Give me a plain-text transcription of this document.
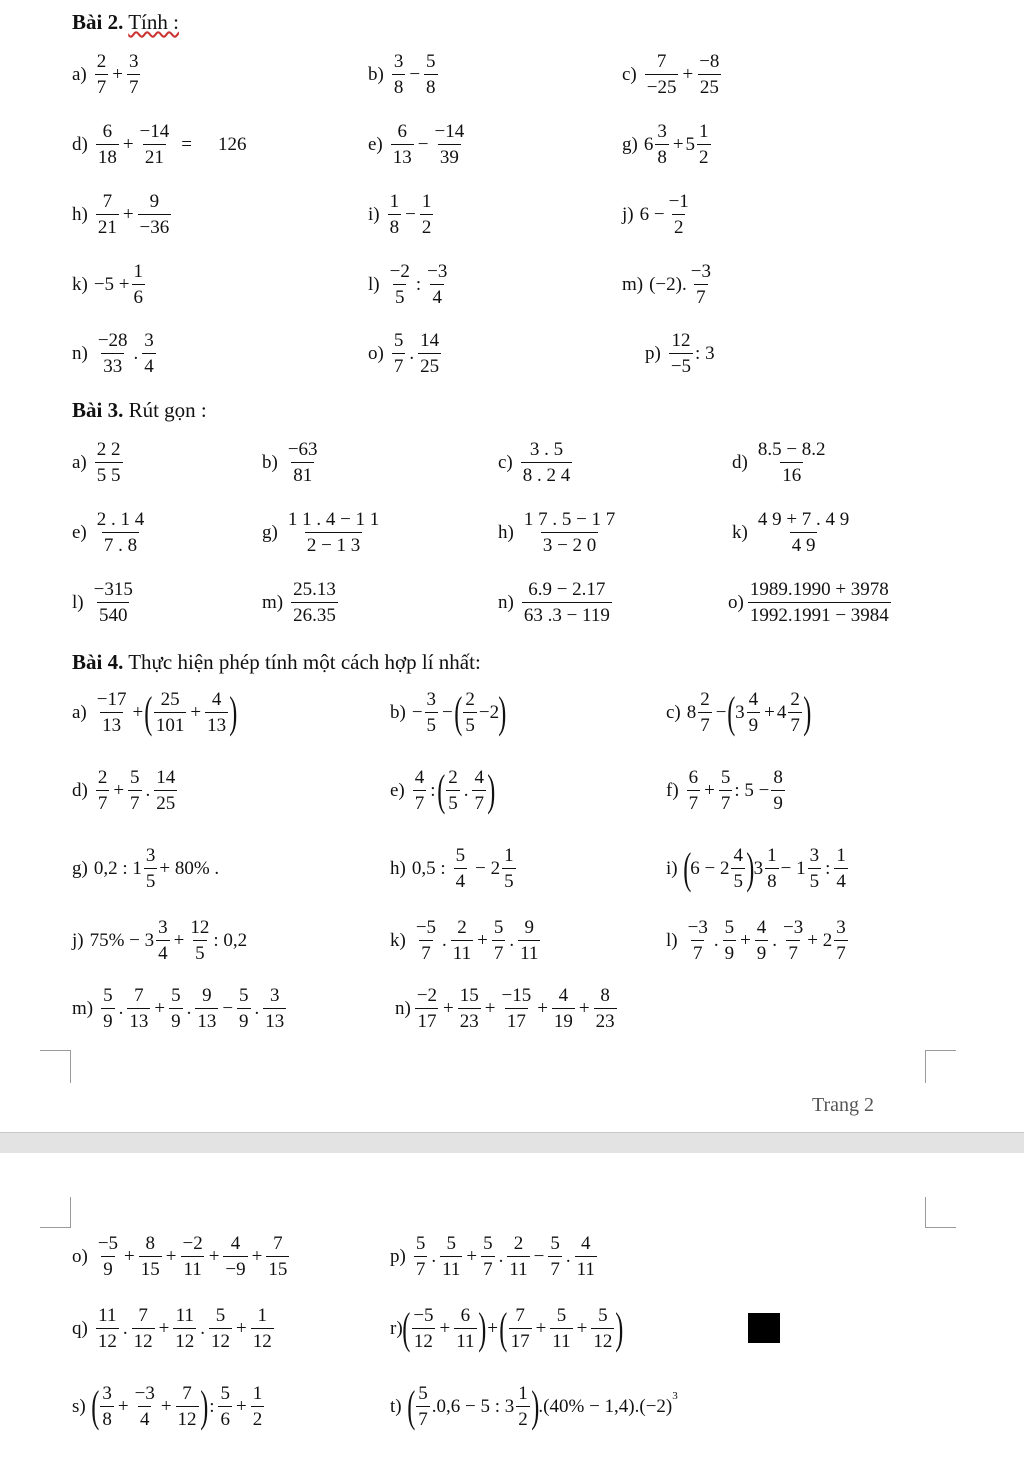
Bài 2. Tính :
$a) \frac{2}{7} + \frac{3}{7}$	$b) \frac{3}{8} - \frac{5}{8}$	$c) \frac{7}{-25} + \frac{-8}{25}$
$d) \frac{6}{18} + \frac{-14}{21} = 126$	$e) \frac{6}{13} - \frac{-14}{39}$	g) $6 \frac{3}{8} + 5 \frac{1}{2}$
$h) \frac{7}{21} + \frac{9}{-36}$	$i) \frac{1}{8} - \frac{1}{2}$	j) $6 - \frac{-1}{2}$
$k) -5 + \frac{1}{6}$	$l) \frac{-2}{5}$ : $\frac{-3}{4}$	m) (−2). $\frac{-3}{7}$
$n) \frac{-28}{33}$ . $\frac{3}{4}$	$o) \frac{5}{7}$ . $\frac{14}{25}$	$p) \frac{12}{-5}$ : 3
Bài 3. Rút gọn :
$a) \frac{2 2}{5 5}$	$b) \frac{-63}{81}$	$c) \frac{3 . 5}{8 . 2 4}$	$d) \frac{8.5 - 8.2}{16}$
$e) \frac{2 . 1 4}{7 . 8}$	$g) \frac{1 1 . 4 - 1 1}{2 - 1 3}$	$h) \frac{1 7 . 5 - 1 7}{3 - 2 0}$	$k) \frac{4 9 + 7 . 4 9}{4 9}$
$l) \frac{-315}{540}$	$m) \frac{25.13}{26.35}$	$n) \frac{6.9 - 2.17}{63 .3 - 119}$	$o) \frac{1989.1990 + 3978}{1992.1991 - 3984}$
Bài 4. Thực hiện phép tính một cách hợp lí nhất:
$a) \frac{-17}{13}$ + ( $\frac{25}{101} + \frac{4}{13}$ )	$b) - \frac{3}{5}$ − ( $\frac{2}{5} -2$ )	c) $8 \frac{2}{7}$ − ( $3 \frac{4}{9} + 4 \frac{2}{7}$ )
$d) \frac{2}{7} + \frac{5}{7}$ . $\frac{14}{25}$	$e) \frac{4}{7}$ : ( $\frac{2}{5}$ . $\frac{4}{7}$ )	$f) \frac{6}{7} + \frac{5}{7}$ : $5 - \frac{8}{9}$
g) 0,2 : $1 \frac{3}{5} + 80\%$ .	h) 0,5 : $\frac{5}{4} - 2 \frac{1}{5}$	i) ( $6 - 2 \frac{4}{5}$ ) $3 \frac{1}{8} - 1 \frac{3}{5}$ : $\frac{1}{4}$
j) $75\% - 3 \frac{3}{4} + \frac{12}{5}$ : 0,2	$k) \frac{-5}{7}$ . $\frac{2}{11} + \frac{5}{7}$ . $\frac{9}{11}$	$l) \frac{-3}{7}$ . $\frac{5}{9} + \frac{4}{9}$ . $\frac{-3}{7} + 2 \frac{3}{7}$
$m) \frac{5}{9}$ . $\frac{7}{13} + \frac{5}{9}$ . $\frac{9}{13} - \frac{5}{9}$ . $\frac{3}{13}$	$n) \frac{-2}{17} + \frac{15}{23} + \frac{-15}{17} + \frac{4}{19} + \frac{8}{23}$
Trang 2
$o) \frac{-5}{9} + \frac{8}{15} + \frac{-2}{11} + \frac{4}{-9} + \frac{7}{15}$	$p) \frac{5}{7}$ . $\frac{5}{11} + \frac{5}{7}$ . $\frac{2}{11} - \frac{5}{7}$ . $\frac{4}{11}$
$q) \frac{11}{12}$ . $\frac{7}{12} + \frac{11}{12}$ . $\frac{5}{12} + \frac{1}{12}$	r) ( $\frac{-5}{12} + \frac{6}{11}$ ) + ( $\frac{7}{17} + \frac{5}{11} + \frac{5}{12}$ )
s) ( $\frac{3}{8} + \frac{-3}{4} + \frac{7}{12}$ ) : $\frac{5}{6} + \frac{1}{2}$	t) ( $\frac{5}{7} .0,6 - 5$ : $3 \frac{1}{2}$ ) .(40% − 1,4).(−2) 3
